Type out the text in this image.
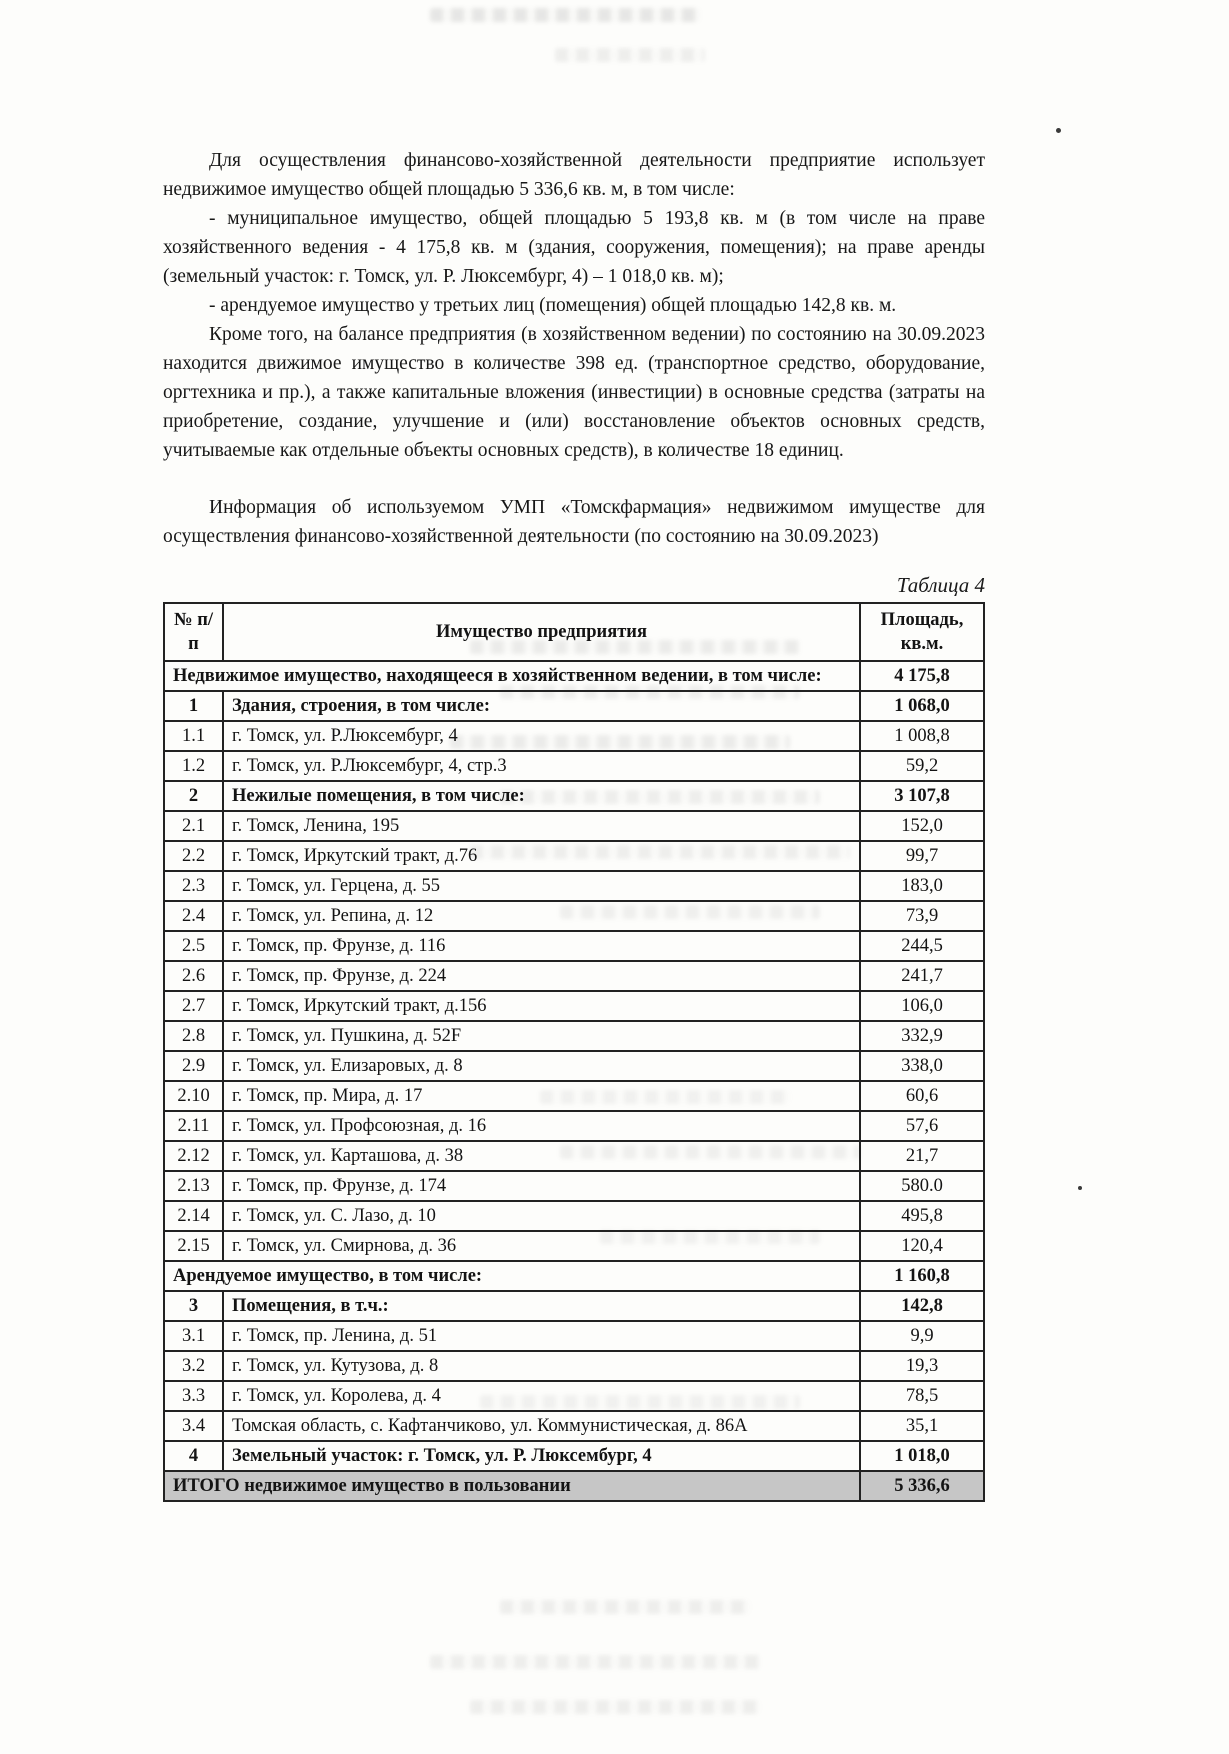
Для осуществления финансово-хозяйственной деятельности предприятие использует недвижимое имущество общей площадью 5 336,6 кв. м, в том числе:

- муниципальное имущество, общей площадью 5 193,8 кв. м (в том числе на праве хозяйственного ведения - 4 175,8 кв. м (здания, сооружения, помещения); на праве аренды (земельный участок: г. Томск, ул. Р. Люксембург, 4) – 1 018,0 кв. м);

- арендуемое имущество у третьих лиц (помещения) общей площадью 142,8 кв. м.

Кроме того, на балансе предприятия (в хозяйственном ведении) по состоянию на 30.09.2023 находится движимое имущество в количестве 398 ед. (транспортное средство, оборудование, оргтехника и пр.), а также капитальные вложения (инвестиции) в основные средства (затраты на приобретение, создание, улучшение и (или) восстановление объектов основных средств, учитываемые как отдельные объекты основных средств), в количестве 18 единиц.

Информация об используемом УМП «Томскфармация» недвижимом имуществе для осуществления финансово-хозяйственной деятельности (по состоянию на 30.09.2023)

Таблица 4
№ п/п	Имущество предприятия	Площадь, кв.м.
Недвижимое имущество, находящееся в хозяйственном ведении, в том числе:		4 175,8
1	Здания, строения, в том числе:	1 068,0
1.1	г. Томск, ул. Р.Люксембург, 4	1 008,8
1.2	г. Томск, ул. Р.Люксембург, 4, стр.3	59,2
2	Нежилые помещения, в том числе:	3 107,8
2.1	г. Томск, Ленина, 195	152,0
2.2	г. Томск, Иркутский тракт, д.76	99,7
2.3	г. Томск, ул. Герцена, д. 55	183,0
2.4	г. Томск, ул. Репина, д. 12	73,9
2.5	г. Томск, пр. Фрунзе, д. 116	244,5
2.6	г. Томск, пр. Фрунзе, д. 224	241,7
2.7	г. Томск, Иркутский тракт, д.156	106,0
2.8	г. Томск, ул. Пушкина, д. 52F	332,9
2.9	г. Томск, ул. Елизаровых, д. 8	338,0
2.10	г. Томск, пр. Мира, д. 17	60,6
2.11	г. Томск, ул. Профсоюзная, д. 16	57,6
2.12	г. Томск, ул. Карташова, д. 38	21,7
2.13	г. Томск, пр. Фрунзе, д. 174	580.0
2.14	г. Томск, ул. С. Лазо, д. 10	495,8
2.15	г. Томск, ул. Смирнова, д. 36	120,4
Арендуемое имущество, в том числе:		1 160,8
3	Помещения, в т.ч.:	142,8
3.1	г. Томск, пр. Ленина, д. 51	9,9
3.2	г. Томск, ул. Кутузова, д. 8	19,3
3.3	г. Томск, ул. Королева, д. 4	78,5
3.4	Томская область, с. Кафтанчиково, ул. Коммунистическая, д. 86А	35,1
4	Земельный участок: г. Томск, ул. Р. Люксембург, 4	1 018,0
ИТОГО недвижимое имущество в пользовании		5 336,6
